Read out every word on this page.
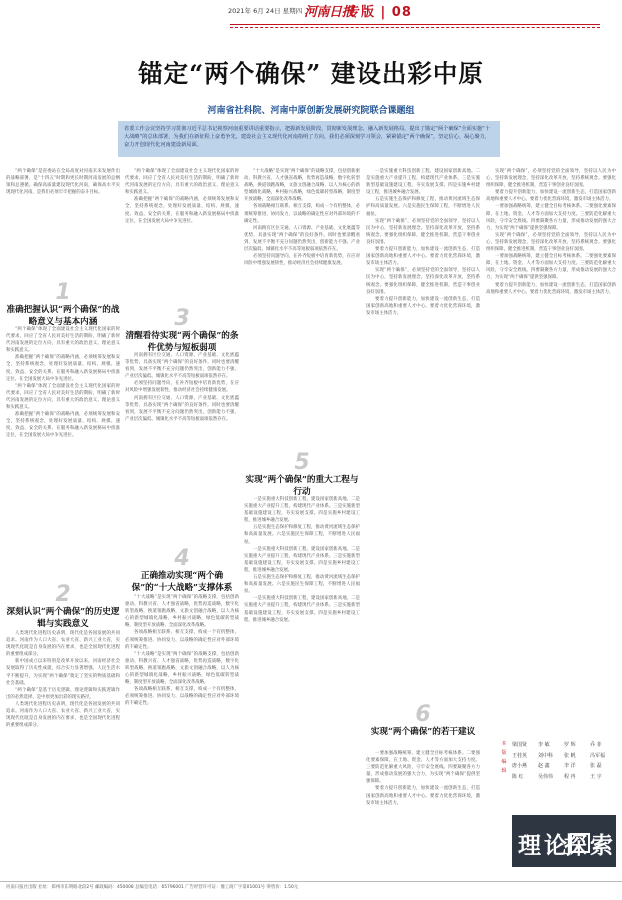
2021年 6月 24日 星期四 河南日报
专版 | 08
锚定“两个确保” 建设出彩中原
河南省社科院、河南中原创新发展研究院联合课题组

省委工作会议坚持学习贯彻习近平总书记视察河南重要讲话重要指示，把握新发展阶段、贯彻新发展理念、融入新发展格局，提出了锚定“两个确保”全面实施“十大战略”的总体部署，为我们在新征程上奋勇争先、建设社会主义现代化河南指明了方向。我们必须深刻学习领会，紧紧锚定“两个确保”，坚定信心、凝心聚力，奋力开创现代化河南建设新局面。

“两个确保”是省委站在全局高度对河南未来发展作出的战略部署，是“十四五”时期和更长时期河南发展的总纲领和总遵循。确保高质量建设现代化河南，确保高水平实现现代化河南，是我们必须牢牢把握的奋斗目标。

1
准确把握认识“两个确保”的战略意义与基本内涵

“两个确保”体现了全面建设社会主义现代化国家的时代要求，回应了全省人民对美好生活的期盼，明确了新时代河南发展的定位方向，具有重大的政治意义、理论意义和实践意义。

准确把握“两个确保”的战略内涵，必须统筹发展和安全，坚持系统观念，处理好发展质量、结构、规模、速度、效益、安全的关系，在服务和融入新发展格局中找准定位，在全国发展大局中争先进位。

“两个确保”体现了全面建设社会主义现代化国家的时代要求，回应了全省人民对美好生活的期盼，明确了新时代河南发展的定位方向，具有重大的政治意义、理论意义和实践意义。

准确把握“两个确保”的战略内涵，必须统筹发展和安全，坚持系统观念，处理好发展质量、结构、规模、速度、效益、安全的关系，在服务和融入新发展格局中找准定位，在全国发展大局中争先进位。

2
深刻认识“两个确保”的历史逻辑与实践意义

人类现代化进程历史表明，现代化是各国发展的共同追求。河南作为人口大省、农业大省、新兴工业大省，实现现代化既是自身发展的内在要求，也是全国现代化进程的重要组成部分。

新中国成立以来特别是改革开放以来，河南经济社会发展取得了历史性成就，综合实力显著增强，人民生活水平不断提升，为实现“两个确保”奠定了坚实的物质基础和社会基础。

“两个确保”是基于历史逻辑、理论逻辑和实践逻辑作出的必然选择，是中原更加出彩的现实路径。

人类现代化进程历史表明，现代化是各国发展的共同追求。河南作为人口大省、农业大省、新兴工业大省，实现现代化既是自身发展的内在要求，也是全国现代化进程的重要组成部分。

“两个确保”体现了全面建设社会主义现代化国家的时代要求，回应了全省人民对美好生活的期盼，明确了新时代河南发展的定位方向，具有重大的政治意义、理论意义和实践意义。

准确把握“两个确保”的战略内涵，必须统筹发展和安全，坚持系统观念，处理好发展质量、结构、规模、速度、效益、安全的关系，在服务和融入新发展格局中找准定位，在全国发展大局中争先进位。

3
清醒看待实现“两个确保”的条件优势与短板弱项

河南拥有区位交通、人口资源、产业基础、文化底蕴等优势，具备实现“两个确保”的良好条件。同时也要清醒看到，发展不平衡不充分问题仍然突出，创新能力不强、产业层次偏低、城镇化水平不高等短板弱项依然存在。

必须坚持问题导向，在补齐短板中培育新优势，在应对风险中增强发展韧性，推动经济社会持续健康发展。

河南拥有区位交通、人口资源、产业基础、文化底蕴等优势，具备实现“两个确保”的良好条件。同时也要清醒看到，发展不平衡不充分问题仍然突出，创新能力不强、产业层次偏低、城镇化水平不高等短板弱项依然存在。

4
正确推动实现“两个确保”的“十大战略”支撑体系

“十大战略”是实现“两个确保”的战略支撑，包括创新驱动、科教兴省、人才强省战略，优势再造战略，数字化转型战略，换道领跑战略，文旅文创融合战略，以人为核心的新型城镇化战略，乡村振兴战略，绿色低碳转型战略，制度型开放战略，全面深化改革战略。

各项战略相互联系、相互支撑，构成一个有机整体，必须统筹推进、协同发力，以战略的确定性应对外部环境的不确定性。

“十大战略”是实现“两个确保”的战略支撑，包括创新驱动、科教兴省、人才强省战略，优势再造战略，数字化转型战略，换道领跑战略，文旅文创融合战略，以人为核心的新型城镇化战略，乡村振兴战略，绿色低碳转型战略，制度型开放战略，全面深化改革战略。

各项战略相互联系、相互支撑，构成一个有机整体，必须统筹推进、协同发力，以战略的确定性应对外部环境的不确定性。

“十大战略”是实现“两个确保”的战略支撑，包括创新驱动、科教兴省、人才强省战略，优势再造战略，数字化转型战略，换道领跑战略，文旅文创融合战略，以人为核心的新型城镇化战略，乡村振兴战略，绿色低碳转型战略，制度型开放战略，全面深化改革战略。

各项战略相互联系、相互支撑，构成一个有机整体，必须统筹推进、协同发力，以战略的确定性应对外部环境的不确定性。

河南拥有区位交通、人口资源、产业基础、文化底蕴等优势，具备实现“两个确保”的良好条件。同时也要清醒看到，发展不平衡不充分问题仍然突出，创新能力不强、产业层次偏低、城镇化水平不高等短板弱项依然存在。

必须坚持问题导向，在补齐短板中培育新优势，在应对风险中增强发展韧性，推动经济社会持续健康发展。

5
实现“两个确保”的重大工程与行动

一是实施重大科技创新工程，建设国家创新高地。二是实施重大产业提升工程，构建现代产业体系。三是实施新型基础设施建设工程，夯实发展支撑。四是实施乡村建设工程，推进城乡融合发展。

五是实施生态保护和修复工程，推动黄河流域生态保护和高质量发展。六是实施民生保障工程，不断增进人民福祉。

一是实施重大科技创新工程，建设国家创新高地。二是实施重大产业提升工程，构建现代产业体系。三是实施新型基础设施建设工程，夯实发展支撑。四是实施乡村建设工程，推进城乡融合发展。

五是实施生态保护和修复工程，推动黄河流域生态保护和高质量发展。六是实施民生保障工程，不断增进人民福祉。

一是实施重大科技创新工程，建设国家创新高地。二是实施重大产业提升工程，构建现代产业体系。三是实施新型基础设施建设工程，夯实发展支撑。四是实施乡村建设工程，推进城乡融合发展。

一是实施重大科技创新工程，建设国家创新高地。二是实施重大产业提升工程，构建现代产业体系。三是实施新型基础设施建设工程，夯实发展支撑。四是实施乡村建设工程，推进城乡融合发展。

五是实施生态保护和修复工程，推动黄河流域生态保护和高质量发展。六是实施民生保障工程，不断增进人民福祉。

实现“两个确保”，必须坚持党的全面领导，坚持以人民为中心，坚持新发展理念，坚持深化改革开放，坚持系统观念。要强化组织保障，健全推进机制，营造干事创业良好氛围。

要着力提升创新能力，加快建设一流创新生态，打造国家创新高地和重要人才中心。要着力优化营商环境，激发市场主体活力。

实现“两个确保”，必须坚持党的全面领导，坚持以人民为中心，坚持新发展理念，坚持深化改革开放，坚持系统观念。要强化组织保障，健全推进机制，营造干事创业良好氛围。

要着力提升创新能力，加快建设一流创新生态，打造国家创新高地和重要人才中心。要着力优化营商环境，激发市场主体活力。

6
实现“两个确保”的若干建议

一要加强战略统筹，建立健全目标考核体系。二要强化要素保障，在土地、资金、人才等方面加大支持力度。三要防范化解重大风险，守牢安全底线。四要凝聚各方力量，形成推动发展的强大合力，为实现“两个确保”提供坚强保障。

要着力提升创新能力，加快建设一流创新生态，打造国家创新高地和重要人才中心。要着力优化营商环境，激发市场主体活力。

实现“两个确保”，必须坚持党的全面领导，坚持以人民为中心，坚持新发展理念，坚持深化改革开放，坚持系统观念。要强化组织保障，健全推进机制，营造干事创业良好氛围。

要着力提升创新能力，加快建设一流创新生态，打造国家创新高地和重要人才中心。要着力优化营商环境，激发市场主体活力。

一要加强战略统筹，建立健全目标考核体系。二要强化要素保障，在土地、资金、人才等方面加大支持力度。三要防范化解重大风险，守牢安全底线。四要凝聚各方力量，形成推动发展的强大合力，为实现“两个确保”提供坚强保障。

实现“两个确保”，必须坚持党的全面领导，坚持以人民为中心，坚持新发展理念，坚持深化改革开放，坚持系统观念。要强化组织保障，健全推进机制，营造干事创业良好氛围。

一要加强战略统筹，建立健全目标考核体系。二要强化要素保障，在土地、资金、人才等方面加大支持力度。三要防范化解重大风险，守牢安全底线。四要凝聚各方力量，形成推动发展的强大合力，为实现“两个确保”提供坚强保障。

要着力提升创新能力，加快建设一流创新生态，打造国家创新高地和重要人才中心。要着力优化营商环境，激发市场主体活力。

本版编辑
梁国贤 李 敏	罗 辉	乔 菲
王桂英 刘中科 张 帆	冯军福
唐小燕 赵 鑫	李 洋	张 磊
陈 红	吴伟伟 程 冉	王 宇
理论
探索
河南日报社出版 社址：郑州市东明路北段2号 邮政编码：450008 总编室电话：65796001 广告经营许可证：豫工商广字第01001号 零售价：1.50元
